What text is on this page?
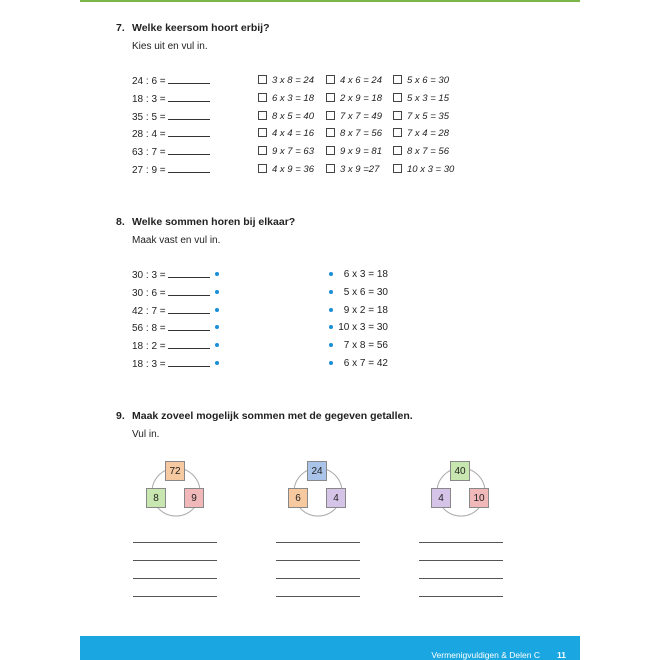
7. Welke keersom hoort erbij?
Kies uit en vul in.
24 : 6 =	3 x 8 = 24	4 x 6 = 24	5 x 6 = 30
18 : 3 =	6 x 3 = 18	2 x 9 = 18	5 x 3 = 15
35 : 5 =	8 x 5 = 40	7 x 7 = 49	7 x 5 = 35
28 : 4 =	4 x 4 = 16	8 x 7 = 56	7 x 4 = 28
63 : 7 =	9 x 7 = 63	9 x 9 = 81	8 x 7 = 56
27 : 9 =	4 x 9 = 36	3 x 9 =27	10 x 3 = 30
8. Welke sommen horen bij elkaar?
Maak vast en vul in.
30 : 3 =
30 : 6 =
42 : 7 =
56 : 8 =
18 : 2 =
18 : 3 =
6 x 3 = 18
5 x 6 = 30
9 x 2 = 18
10 x 3 = 30
7 x 8 = 56
6 x 7 = 42
9. Maak zoveel mogelijk sommen met de gegeven getallen.
Vul in.
72
8	9
24
6	4
40
4	10
Vermenigvuldigen & Delen C 11
